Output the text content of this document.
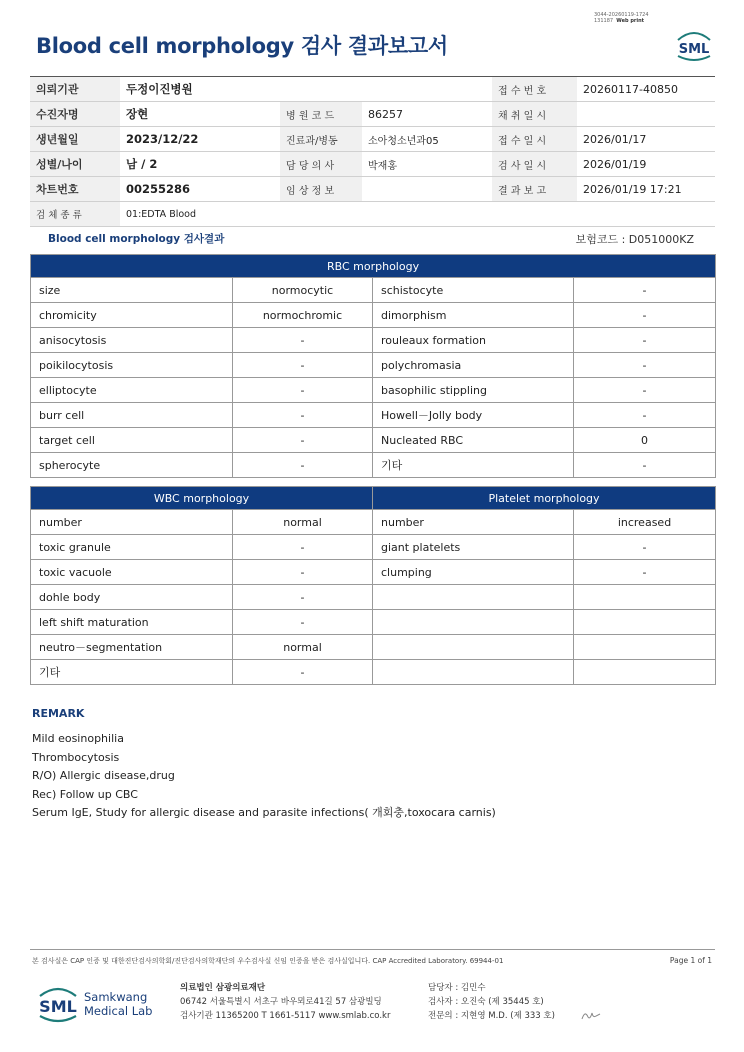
3044-20260119-1724
131187 Web print
Blood cell morphology 검사 결과보고서	SML
의뢰기관	두정이진병원			접 수 번 호	20260117-40850
수진자명	장현	병 원 코 드	86257	채 취 일 시	
생년월일	2023/12/22	진료과/병동	소아청소년과05	접 수 일 시	2026/01/17
성별/나이	남 / 2	담 당 의 사	박재홍	검 사 일 시	2026/01/19
차트번호	00255286	임 상 정 보		결 과 보 고	2026/01/19 17:21
검 체 종 류	01:EDTA Blood				
Blood cell morphology 검사결과	보험코드 : D051000KZ
RBC morphology			
size	normocytic	schistocyte	-
chromicity	normochromic	dimorphism	-
anisocytosis	-	rouleaux formation	-
poikilocytosis	-	polychromasia	-
elliptocyte	-	basophilic stippling	-
burr cell	-	Howell－Jolly body	-
target cell	-	Nucleated RBC	0
spherocyte	-	기타	-
WBC morphology		Platelet morphology	
number	normal	number	increased
toxic granule	-	giant platelets	-
toxic vacuole	-	clumping	-
dohle body	-		
left shift maturation	-		
neutro－segmentation	normal		
기타	-		
REMARK
Mild eosinophilia
Thrombocytosis
R/O) Allergic disease,drug
Rec) Follow up CBC
Serum IgE, Study for allergic disease and parasite infections( 개회충,toxocara carnis)
본 검사실은 CAP 인증 및 대한진단검사의학회/진단검사의학재단의 우수검사실 신임 인증을 받은 검사실입니다. CAP Accredited Laboratory. 69944-01	Page 1 of 1
SML Samkwang
Medical Lab
의료법인 삼광의료재단
06742 서울특별시 서초구 바우뫼로41길 57 삼광빌딩
검사기관 11365200 T 1661-5117 www.smlab.co.kr
담당자 : 김민수
검사자 : 오진숙 (제 35445 호)
전문의 : 지현영 M.D. (제 333 호)
